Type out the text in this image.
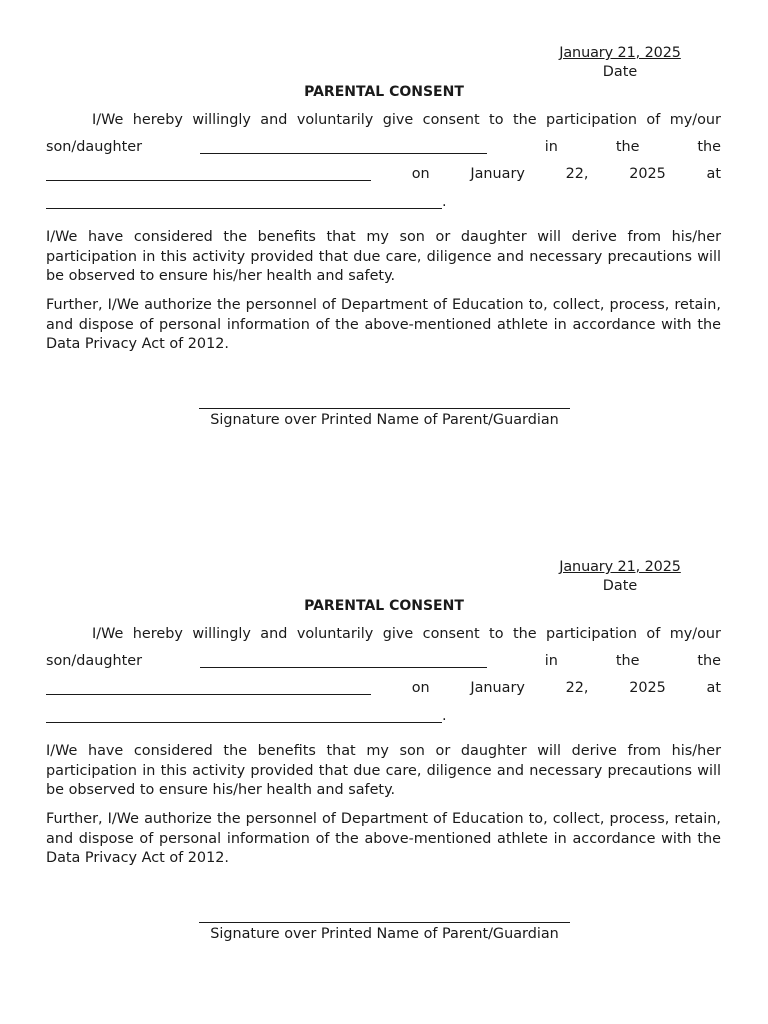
January 21, 2025
Date
PARENTAL CONSENT
I/We hereby willingly and voluntarily give consent to the participation of my/our
son/daughter	in	the	the
on	January	22,	2025	at
.
I/We have considered the benefits that my son or daughter will derive from his/her participation in this activity provided that due care, diligence and necessary precautions will be observed to ensure his/her health and safety.
Further, I/We authorize the personnel of Department of Education to, collect, process, retain, and dispose of personal information of the above-mentioned athlete in accordance with the Data Privacy Act of 2012.
Signature over Printed Name of Parent/Guardian
January 21, 2025
Date
PARENTAL CONSENT
I/We hereby willingly and voluntarily give consent to the participation of my/our
son/daughter	in	the	the
on	January	22,	2025	at
.
I/We have considered the benefits that my son or daughter will derive from his/her participation in this activity provided that due care, diligence and necessary precautions will be observed to ensure his/her health and safety.
Further, I/We authorize the personnel of Department of Education to, collect, process, retain, and dispose of personal information of the above-mentioned athlete in accordance with the Data Privacy Act of 2012.
Signature over Printed Name of Parent/Guardian
